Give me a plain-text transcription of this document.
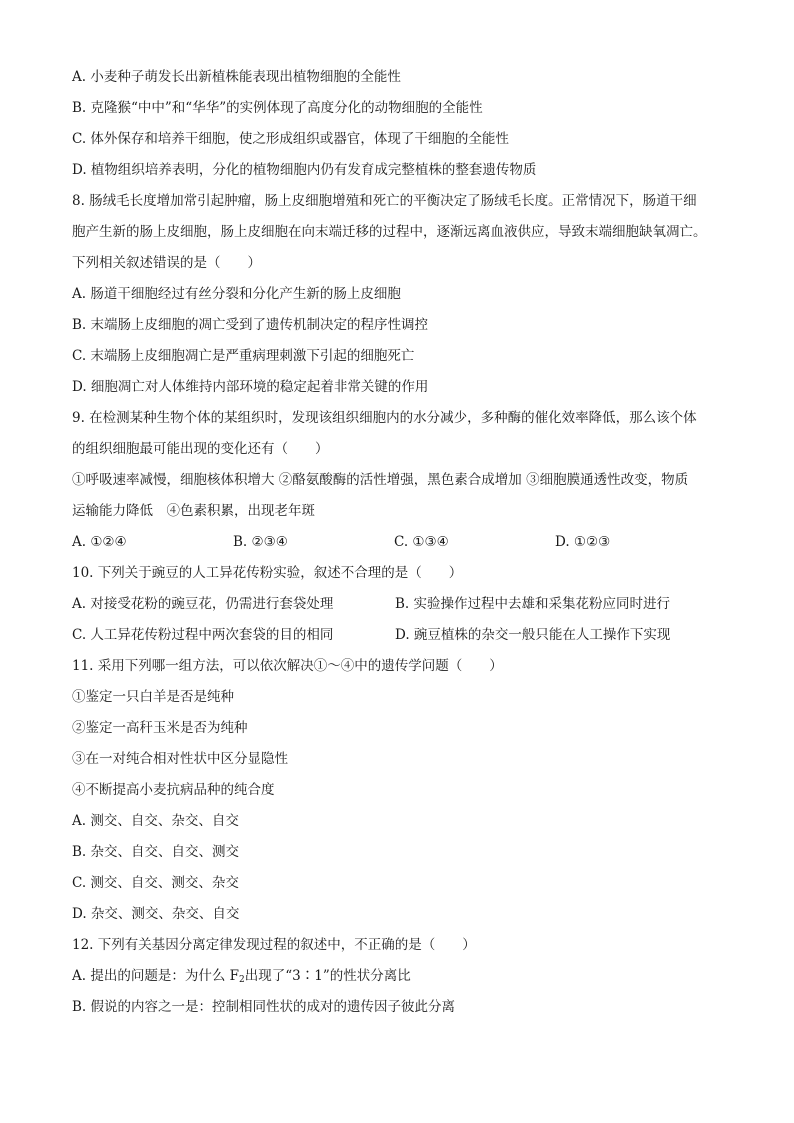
A. 小麦种子萌发长出新植株能表现出植物细胞的全能性
B. 克隆猴“中中”和“华华”的实例体现了高度分化的动物细胞的全能性
C. 体外保存和培养干细胞，使之形成组织或器官，体现了干细胞的全能性
D. 植物组织培养表明，分化的植物细胞内仍有发育成完整植株的整套遗传物质
8. 肠绒毛长度增加常引起肿瘤，肠上皮细胞增殖和死亡的平衡决定了肠绒毛长度。正常情况下，肠道干细
胞产生新的肠上皮细胞，肠上皮细胞在向末端迁移的过程中，逐渐远离血液供应，导致末端细胞缺氧凋亡。
下列相关叙述错误的是（　　）
A. 肠道干细胞经过有丝分裂和分化产生新的肠上皮细胞
B. 末端肠上皮细胞的凋亡受到了遗传机制决定的程序性调控
C. 末端肠上皮细胞凋亡是严重病理刺激下引起的细胞死亡
D. 细胞凋亡对人体维持内部环境的稳定起着非常关键的作用
9. 在检测某种生物个体的某组织时，发现该组织细胞内的水分减少，多种酶的催化效率降低，那么该个体
的组织细胞最可能出现的变化还有（　　）
①呼吸速率减慢，细胞核体积增大 ②酪氨酸酶的活性增强，黑色素合成增加 ③细胞膜通透性改变，物质
运输能力降低　④色素积累，出现老年斑
A. ①②④	B. ②③④	C. ①③④	D. ①②③
10. 下列关于豌豆的人工异花传粉实验，叙述不合理的是（　　）
A. 对接受花粉的豌豆花，仍需进行套袋处理	B. 实验操作过程中去雄和采集花粉应同时进行
C. 人工异花传粉过程中两次套袋的目的相同	D. 豌豆植株的杂交一般只能在人工操作下实现
11. 采用下列哪一组方法，可以依次解决①～④中的遗传学问题（　　）
①鉴定一只白羊是否是纯种
②鉴定一高秆玉米是否为纯种
③在一对纯合相对性状中区分显隐性
④不断提高小麦抗病品种的纯合度
A. 测交、自交、杂交、自交
B. 杂交、自交、自交、测交
C. 测交、自交、测交、杂交
D. 杂交、测交、杂交、自交
12. 下列有关基因分离定律发现过程的叙述中，不正确的是（　　）
A. 提出的问题是：为什么 $F_2$出现了“3∶1”的性状分离比
B. 假说的内容之一是：控制相同性状的成对的遗传因子彼此分离
